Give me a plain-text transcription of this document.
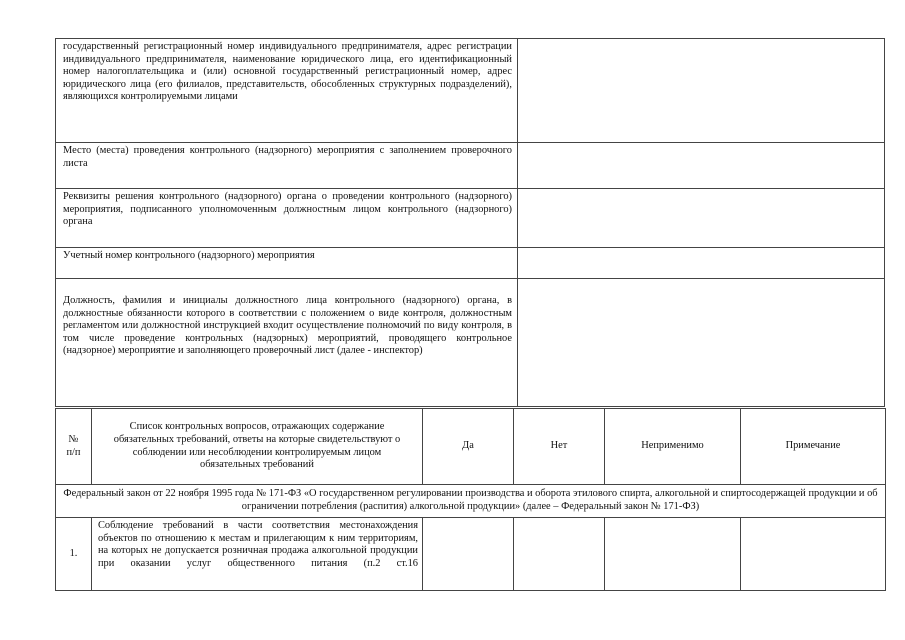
государственный регистрационный номер индивидуального предпринимателя, адрес регистрации индивидуального предпринимателя, наименование юридического лица, его идентификационный номер налогоплательщика и (или) основной государственный регистрационный номер, адрес юридического лица (его филиалов, представительств, обособленных структурных подразделений), являющихся контролируемыми лицами	
Место (места) проведения контрольного (надзорного) мероприятия с заполнением проверочного листа	
Реквизиты решения контрольного (надзорного) органа о проведении контрольного (надзорного) мероприятия, подписанного уполномоченным должностным лицом контрольного (надзорного) органа	
Учетный номер контрольного (надзорного) мероприятия	
Должность, фамилия и инициалы должностного лица контрольного (надзорного) органа, в должностные обязанности которого в соответствии с положением о виде контроля, должностным регламентом или должностной инструкцией входит осуществление полномочий по виду контроля, в том числе проведение контрольных (надзорных) мероприятий, проводящего контрольное (надзорное) мероприятие и заполняющего проверочный лист (далее - инспектор)	
№ п/п	Список контрольных вопросов, отражающих содержание обязательных требований, ответы на которые свидетельствуют о соблюдении или несоблюдении контролируемым лицом обязательных требований	Да	Нет	Неприменимо	Примечание
Федеральный закон от 22 ноября 1995 года № 171-ФЗ «О государственном регулировании производства и оборота этилового спирта, алкогольной и спиртосодержащей продукции и об ограничении потребления (распития) алкогольной продукции» (далее – Федеральный закон № 171-ФЗ)					
1.	Соблюдение требований в части соответствия местонахождения объектов по отношению к местам и прилегающим к ним территориям, на которых не допускается розничная продажа алкогольной продукции при оказании услуг общественного питания (п.2 ст.16				
